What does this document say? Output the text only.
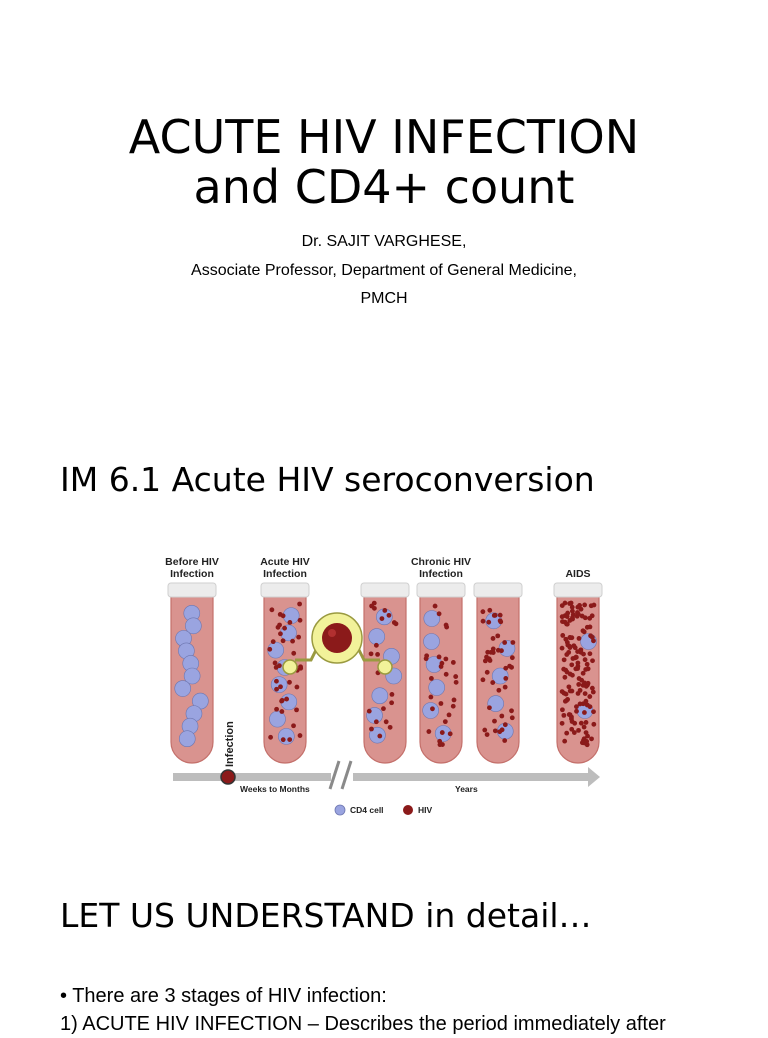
ACUTE HIV INFECTION
and CD4+ count
Dr. SAJIT VARGHESE,
Associate Professor, Department of General Medicine,
PMCH
IM 6.1 Acute HIV seroconversion
Before HIV
Infection
Acute HIV
Infection
Chronic HIV
Infection	AIDS
Infection
Weeks to Months	Years
CD4 cell	HIV
LET US UNDERSTAND in detail…
• There are 3 stages of HIV infection:
1) ACUTE HIV INFECTION – Describes the period immediately after
